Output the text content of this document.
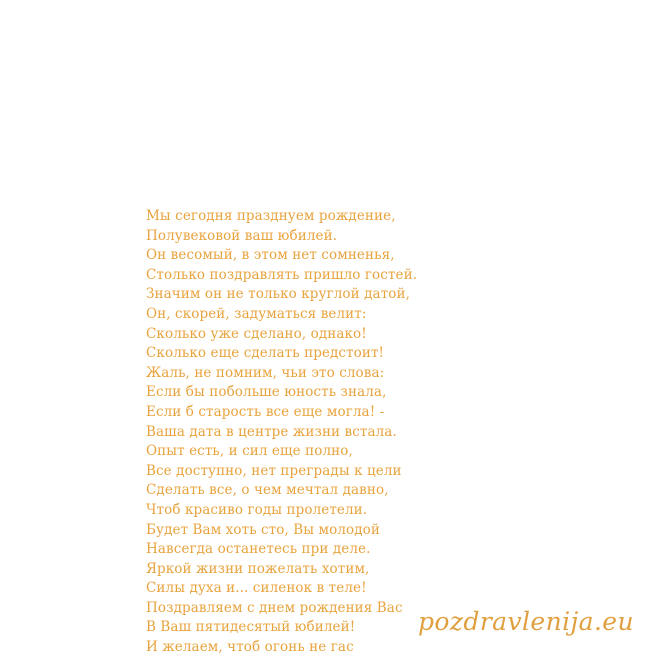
Мы сегодня празднуем рождение,
Полувековой ваш юбилей.
Он весомый, в этом нет сомненья,
Столько поздравлять пришло гостей.
Значим он не только круглой датой,
Он, скорей, задуматься велит:
Сколько уже сделано, однако!
Сколько еще сделать предстоит!
Жаль, не помним, чьи это слова:
Если бы побольше юность знала,
Если б старость все еще могла! -
Ваша дата в центре жизни встала.
Опыт есть, и сил еще полно,
Все доступно, нет преграды к цели
Сделать все, о чем мечтал давно,
Чтоб красиво годы пролетели.
Будет Вам хоть сто, Вы молодой
Навсегда останетесь при деле.
Яркой жизни пожелать хотим,
Силы духа и... силенок в теле!
Поздравляем с днем рождения Вас
В Ваш пятидесятый юбилей!
И желаем, чтоб огонь не гас
pozdravlenija.eu
